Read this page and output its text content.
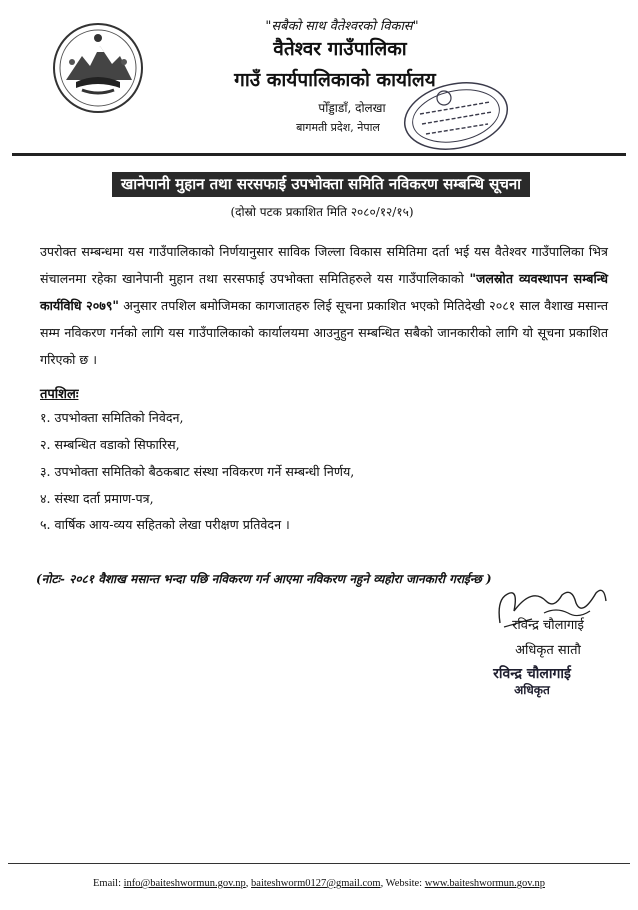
"सबैको साथ वैतेश्वरको विकास"
वैतेश्वर गाउँपालिका
गाउँ कार्यपालिकाको कार्यालय
पोँड्डाडाँ, दोलखा
बागमती प्रदेश, नेपाल
खानेपानी मुहान तथा सरसफाई उपभोक्ता समिति नविकरण सम्बन्धि सूचना
(दोस्रो पटक प्रकाशित मिति २०८०/१२/१५)
उपरोक्त सम्बन्धमा यस गाउँपालिकाको निर्णयानुसार साविक जिल्ला विकास समितिमा दर्ता भई यस वैतेश्वर गाउँपालिका भित्र संचालनमा रहेका खानेपानी मुहान तथा सरसफाई उपभोक्ता समितिहरुले यस गाउँपालिकाको "जलस्रोत व्यवस्थापन सम्बन्धि कार्यविधि २०७९" अनुसार तपशिल बमोजिमका कागजातहरु लिई सूचना प्रकाशित भएको मितिदेखी २०८१ साल वैशाख मसान्त सम्म नविकरण गर्नको लागि यस गाउँपालिकाको कार्यालयमा आउनुहुन सम्बन्धित सबैको जानकारीको लागि यो सूचना प्रकाशित गरिएको छ ।
तपशिलः
१. उपभोक्ता समितिको निवेदन,
२. सम्बन्धित वडाको सिफारिस,
३. उपभोक्ता समितिको बैठकबाट संस्था नविकरण गर्ने सम्बन्धी निर्णय,
४. संस्था दर्ता प्रमाण-पत्र,
५. वार्षिक आय-व्यय सहितको लेखा परीक्षण प्रतिवेदन ।
(नोटः- २०८१ वैशाख मसान्त भन्दा पछि नविकरण गर्न आएमा नविकरण नहुने व्यहोरा जानकारी गराईन्छ )
रविन्द्र चौलागाई
अधिकृत सातौ
रविन्द्र चौलागाई
अधिकृत
Email: info@baiteshwormun.gov.np, baiteshworm0127@gmail.com, Website: www.baiteshwormun.gov.np
